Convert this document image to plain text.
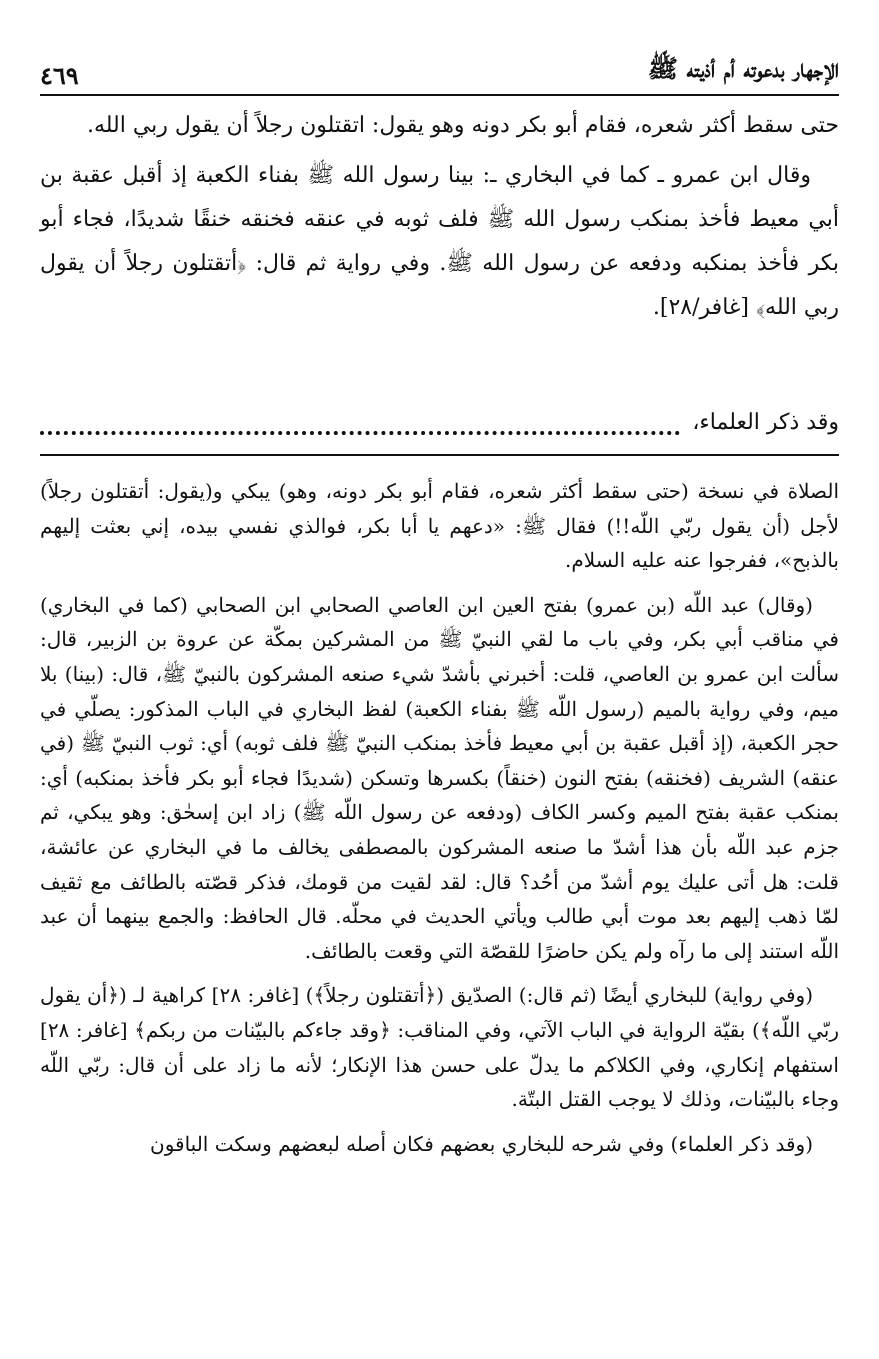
٤٦٩	الإجهار بدعوته أم أذيته ﷺ

حتى سقط أكثر شعره، فقام أبو بكر دونه وهو يقول: اتقتلون رجلاً أن يقول ربي الله.

وقال ابن عمرو ـ كما في البخاري ـ: بينا رسول الله ﷺ بفناء الكعبة إذ أقبل عقبة بن أبي معيط فأخذ بمنكب رسول الله ﷺ فلف ثوبه في عنقه فخنقه خنقًا شديدًا، فجاء أبو بكر فأخذ بمنكبه ودفعه عن رسول الله ﷺ. وفي رواية ثم قال: ﴿أتقتلون رجلاً أن يقول ربي الله﴾ [غافر/٢٨].

وقد ذكر العلماء،

الصلاة في نسخة (حتى سقط أكثر شعره، فقام أبو بكر دونه، وهو) يبكي و(يقول: أتقتلون رجلاً) لأجل (أن يقول ربّي اللّه!!) فقال ﷺ: «دعهم يا أبا بكر، فوالذي نفسي بيده، إني بعثت إليهم بالذبح»، ففرجوا عنه عليه السلام.

(وقال) عبد اللّه (بن عمرو) بفتح العين ابن العاصي الصحابي ابن الصحابي (كما في البخاري) في مناقب أبي بكر، وفي باب ما لقي النبيّ ﷺ من المشركين بمكّة عن عروة بن الزبير، قال: سألت ابن عمرو بن العاصي، قلت: أخبرني بأشدّ شيء صنعه المشركون بالنبيّ ﷺ، قال: (بينا) بلا ميم، وفي رواية بالميم (رسول اللّه ﷺ بفناء الكعبة) لفظ البخاري في الباب المذكور: يصلّي في حجر الكعبة، (إذ أقبل عقبة بن أبي معيط فأخذ بمنكب النبيّ ﷺ فلف ثوبه) أي: ثوب النبيّ ﷺ (في عنقه) الشريف (فخنقه) بفتح النون (خنقاً) بكسرها وتسكن (شديدًا فجاء أبو بكر فأخذ بمنكبه) أي: بمنكب عقبة بفتح الميم وكسر الكاف (ودفعه عن رسول اللّه ﷺ) زاد ابن إسحٰق: وهو يبكي، ثم جزم عبد اللّه بأن هذا أشدّ ما صنعه المشركون بالمصطفى يخالف ما في البخاري عن عائشة، قلت: هل أتى عليك يوم أشدّ من أحُد؟ قال: لقد لقيت من قومك، فذكر قصّته بالطائف مع ثقيف لمّا ذهب إليهم بعد موت أبي طالب ويأتي الحديث في محلّه. قال الحافظ: والجمع بينهما أن عبد اللّه استند إلى ما رآه ولم يكن حاضرًا للقصّة التي وقعت بالطائف.

(وفي رواية) للبخاري أيضًا (ثم قال:) الصدّيق (﴿أتقتلون رجلاً﴾) [غافر: ٢٨] كراهية لـ (﴿أن يقول ربّي اللّه﴾) بقيّة الرواية في الباب الآتي، وفي المناقب: ﴿وقد جاءكم بالبيّنات من ربكم﴾ [غافر: ٢٨] استفهام إنكاري، وفي الكلاكم ما يدلّ على حسن هذا الإنكار؛ لأنه ما زاد على أن قال: ربّي اللّه وجاء بالبيّنات، وذلك لا يوجب القتل البتّة.

(وقد ذكر العلماء) وفي شرحه للبخاري بعضهم فكان أصله لبعضهم وسكت الباقون
